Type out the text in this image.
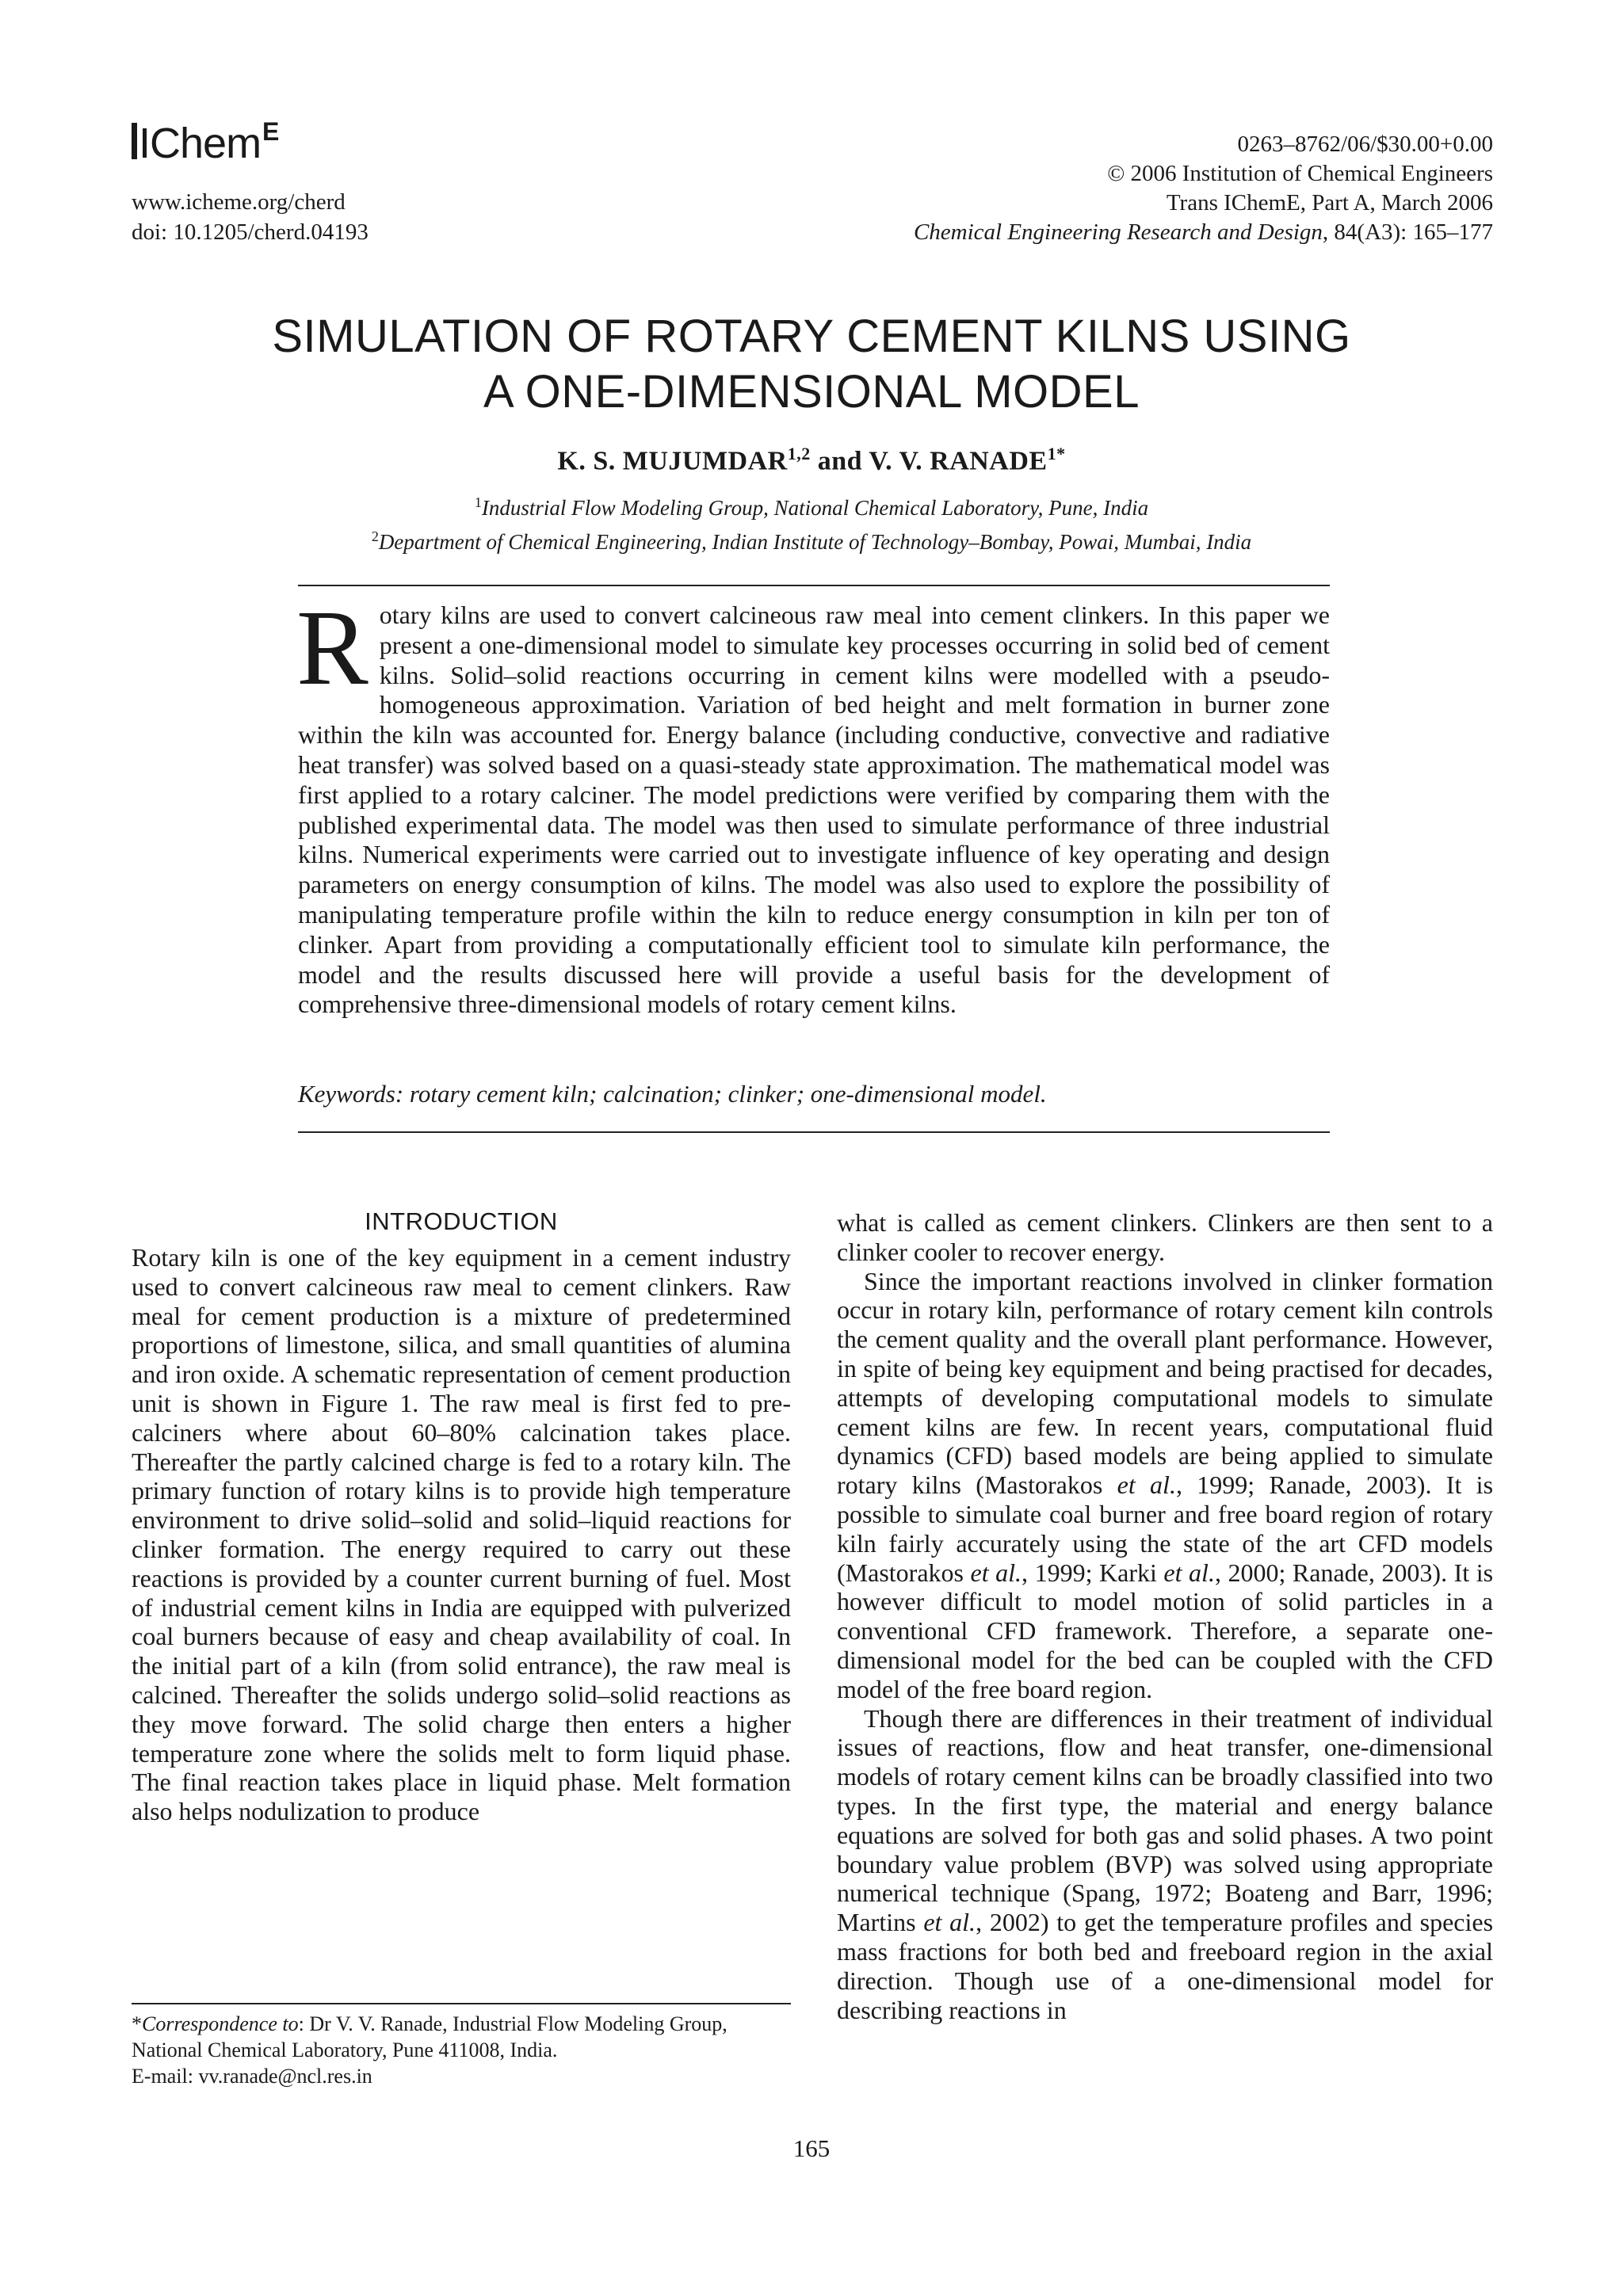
IChem$^E$
www.icheme.org/cherd
doi: 10.1205/cherd.04193
0263–8762/06/$30.00+0.00
© 2006 Institution of Chemical Engineers
Trans IChemE, Part A, March 2006
Chemical Engineering Research and Design, 84(A3): 165–177
SIMULATION OF ROTARY CEMENT KILNS USING
A ONE-DIMENSIONAL MODEL
K. S. MUJUMDAR$^{1,2}$ and V. V. $RANADE^{1*}$
$^1$Industrial Flow Modeling Group, National Chemical Laboratory, Pune, India
$^2$Department of Chemical Engineering, Indian Institute of Technology–Bombay, Powai, Mumbai, India
Rotary kilns are used to convert calcineous raw meal into cement clinkers. In this paper we present a one-dimensional model to simulate key processes occurring in solid bed of cement kilns. Solid–solid reactions occurring in cement kilns were modelled with a pseudo-homogeneous approximation. Variation of bed height and melt formation in burner zone within the kiln was accounted for. Energy balance (including conductive, convective and radiative heat transfer) was solved based on a quasi-steady state approximation. The mathematical model was first applied to a rotary calciner. The model predictions were verified by comparing them with the published experimental data. The model was then used to simulate performance of three industrial kilns. Numerical experiments were carried out to investigate influence of key operating and design parameters on energy consumption of kilns. The model was also used to explore the possibility of manipulating temperature profile within the kiln to reduce energy consumption in kiln per ton of clinker. Apart from providing a computationally efficient tool to simulate kiln performance, the model and the results discussed here will provide a useful basis for the development of comprehensive three-dimensional models of rotary cement kilns.
Keywords: rotary cement kiln; calcination; clinker; one-dimensional model.
INTRODUCTION

Rotary kiln is one of the key equipment in a cement industry used to convert calcineous raw meal to cement clinkers. Raw meal for cement production is a mixture of predetermined proportions of limestone, silica, and small quantities of alumina and iron oxide. A schematic representation of cement production unit is shown in Figure 1. The raw meal is first fed to pre-calciners where about 60–80% calcination takes place. Thereafter the partly calcined charge is fed to a rotary kiln. The primary function of rotary kilns is to provide high temperature environment to drive solid–solid and solid–liquid reactions for clinker formation. The energy required to carry out these reactions is provided by a counter current burning of fuel. Most of industrial cement kilns in India are equipped with pulverized coal burners because of easy and cheap availability of coal. In the initial part of a kiln (from solid entrance), the raw meal is calcined. Thereafter the solids undergo solid–solid reactions as they move forward. The solid charge then enters a higher temperature zone where the solids melt to form liquid phase. The final reaction takes place in liquid phase. Melt formation also helps nodulization to produce

*Correspondence to: Dr V. V. Ranade, Industrial Flow Modeling Group, National Chemical Laboratory, Pune 411008, India.
E-mail: vv.ranade@ncl.res.in

what is called as cement clinkers. Clinkers are then sent to a clinker cooler to recover energy.

Since the important reactions involved in clinker formation occur in rotary kiln, performance of rotary cement kiln controls the cement quality and the overall plant performance. However, in spite of being key equipment and being practised for decades, attempts of developing computational models to simulate cement kilns are few. In recent years, computational fluid dynamics (CFD) based models are being applied to simulate rotary kilns (Mastorakos et al., 1999; Ranade, 2003). It is possible to simulate coal burner and free board region of rotary kiln fairly accurately using the state of the art CFD models (Mastorakos et al., 1999; Karki et al., 2000; Ranade, 2003). It is however difficult to model motion of solid particles in a conventional CFD framework. Therefore, a separate one-dimensional model for the bed can be coupled with the CFD model of the free board region.

Though there are differences in their treatment of individual issues of reactions, flow and heat transfer, one-dimensional models of rotary cement kilns can be broadly classified into two types. In the first type, the material and energy balance equations are solved for both gas and solid phases. A two point boundary value problem (BVP) was solved using appropriate numerical technique (Spang, 1972; Boateng and Barr, 1996; Martins et al., 2002) to get the temperature profiles and species mass fractions for both bed and freeboard region in the axial direction. Though use of a one-dimensional model for describing reactions in

165
